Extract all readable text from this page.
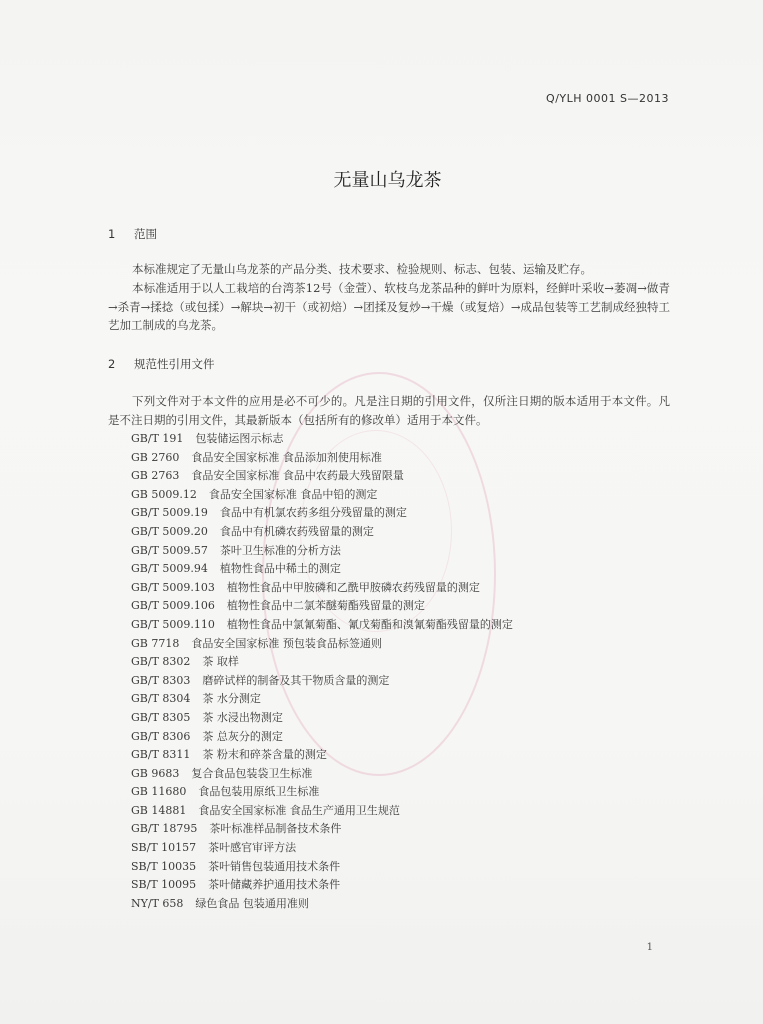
Q/YLH 0001 S—2013
无量山乌龙茶
1 范围
本标准规定了无量山乌龙茶的产品分类、技术要求、检验规则、标志、包装、运输及贮存。
本标准适用于以人工栽培的台湾茶12号（金萱）、软枝乌龙茶品种的鲜叶为原料，经鲜叶采收→萎凋→做青→杀青→揉捻（或包揉）→解块→初干（或初焙）→团揉及复炒→干燥（或复焙）→成品包装等工艺制成经独特工艺加工制成的乌龙茶。
2 规范性引用文件
下列文件对于本文件的应用是必不可少的。凡是注日期的引用文件，仅所注日期的版本适用于本文件。凡是不注日期的引用文件，其最新版本（包括所有的修改单）适用于本文件。
GB/T 191 包装储运图示标志
GB 2760 食品安全国家标准 食品添加剂使用标准
GB 2763 食品安全国家标准 食品中农药最大残留限量
GB 5009.12 食品安全国家标准 食品中铅的测定
GB/T 5009.19 食品中有机氯农药多组分残留量的测定
GB/T 5009.20 食品中有机磷农药残留量的测定
GB/T 5009.57 茶叶卫生标准的分析方法
GB/T 5009.94 植物性食品中稀土的测定
GB/T 5009.103 植物性食品中甲胺磷和乙酰甲胺磷农药残留量的测定
GB/T 5009.106 植物性食品中二氯苯醚菊酯残留量的测定
GB/T 5009.110 植物性食品中氯氰菊酯、氰戊菊酯和溴氰菊酯残留量的测定
GB 7718 食品安全国家标准 预包装食品标签通则
GB/T 8302 茶 取样
GB/T 8303 磨碎试样的制备及其干物质含量的测定
GB/T 8304 茶 水分测定
GB/T 8305 茶 水浸出物测定
GB/T 8306 茶 总灰分的测定
GB/T 8311 茶 粉末和碎茶含量的测定
GB 9683 复合食品包装袋卫生标准
GB 11680 食品包装用原纸卫生标准
GB 14881 食品安全国家标准 食品生产通用卫生规范
GB/T 18795 茶叶标准样品制备技术条件
SB/T 10157 茶叶感官审评方法
SB/T 10035 茶叶销售包装通用技术条件
SB/T 10095 茶叶储藏养护通用技术条件
NY/T 658 绿色食品 包装通用准则
1
